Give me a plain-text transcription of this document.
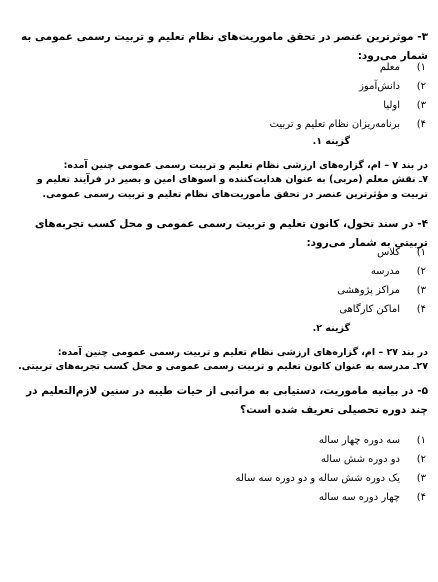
۳- موثرترین عنصر در تحقق ماموریت‌های نظام تعلیم و تربیت رسمی عمومی به شمار می‌رود:
۱)
معلم
۲)
دانش‌آموز
۳)
اولیا
۴)
برنامه‌ریزان نظام تعلیم و تربیت
گزینه ۱.
در بند ۷ – ام، گزاره‌های ارزشی نظام تعلیم و تربیت رسمی عمومی چنین آمده:
۷ـ نقش معلم (مربی) به عنوان هدایت‌کننده و اسوهای امین و بصیر در فرآیند تعلیم و تربیت و مؤثرترین عنصر در تحقق مأموریت‌های نظام تعلیم و تربیت رسمی عمومی.
۴- در سند تحول، کانون تعلیم و تربیت رسمی عمومی و محل کسب تجربه‌های تربیتی به شمار می‌رود:
۱)
کلاس
۲)
مدرسه
۳)
مراکز پژوهشی
۴)
اماکن کارگاهی
گزینه ۲.
در بند ۲۷ – ام، گزاره‌های ارزشی نظام تعلیم و تربیت رسمی عمومی چنین آمده:
۲۷ـ مدرسه به عنوان کانون تعلیم و تربیت رسمی عمومی و محل کسب تجربه‌های تربیتی.
۵- در بیانیه ماموریت، دستیابی به مراتبی از حیات طیبه در سنین لازم‌التعلیم در چند دوره تحصیلی تعریف شده است؟
۱)
سه دوره چهار ساله
۲)
دو دوره شش ساله
۳)
یک دوره شش ساله و دو دوره سه ساله
۴)
چهار دوره سه ساله
